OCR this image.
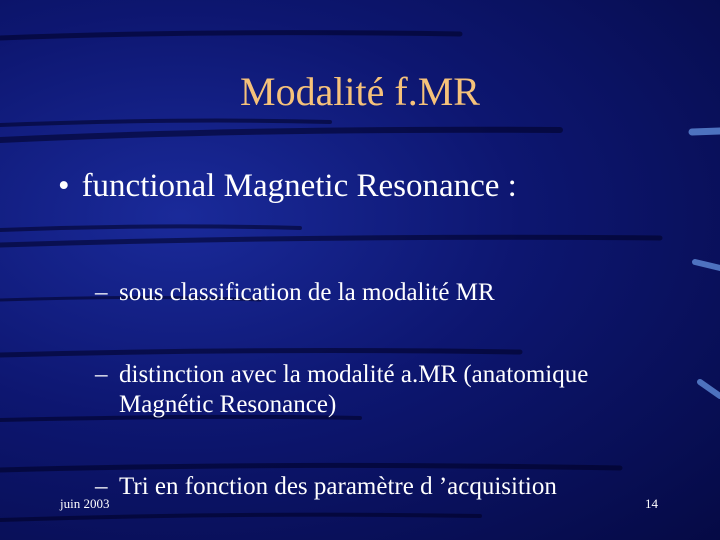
Modalité f.MR
• functional Magnetic Resonance :
– sous classification de la modalité MR
– distinction avec la modalité a.MR (anatomique
Magnétic Resonance)
– Tri en fonction des paramètre d ’acquisition
juin 2003	14
